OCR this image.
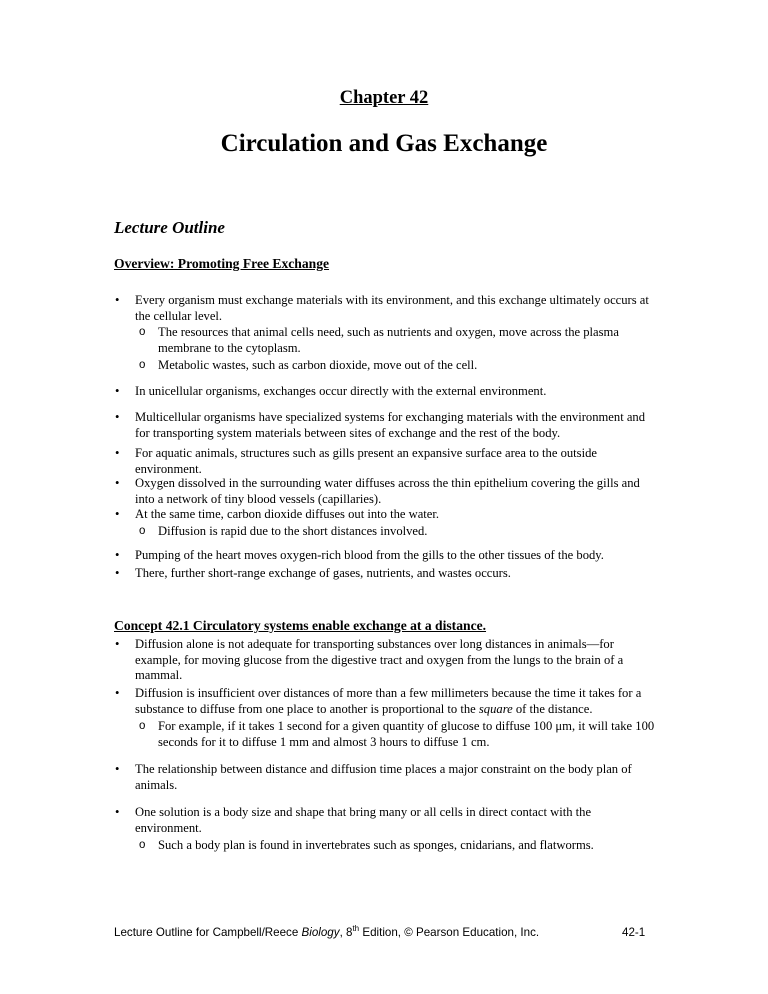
Chapter 42
Circulation and Gas Exchange
Lecture Outline
Overview: Promoting Free Exchange
• Every organism must exchange materials with its environment, and this exchange ultimately occurs at the cellular level.
o The resources that animal cells need, such as nutrients and oxygen, move across the plasma membrane to the cytoplasm.
o Metabolic wastes, such as carbon dioxide, move out of the cell.
• In unicellular organisms, exchanges occur directly with the external environment.
• Multicellular organisms have specialized systems for exchanging materials with the environment and for transporting system materials between sites of exchange and the rest of the body.
• For aquatic animals, structures such as gills present an expansive surface area to the outside environment.
• Oxygen dissolved in the surrounding water diffuses across the thin epithelium covering the gills and into a network of tiny blood vessels (capillaries).
• At the same time, carbon dioxide diffuses out into the water.
o Diffusion is rapid due to the short distances involved.
• Pumping of the heart moves oxygen-rich blood from the gills to the other tissues of the body.
• There, further short-range exchange of gases, nutrients, and wastes occurs.
Concept 42.1 Circulatory systems enable exchange at a distance.
• Diffusion alone is not adequate for transporting substances over long distances in animals—for example, for moving glucose from the digestive tract and oxygen from the lungs to the brain of a mammal.
• Diffusion is insufficient over distances of more than a few millimeters because the time it takes for a substance to diffuse from one place to another is proportional to the square of the distance.
o For example, if it takes 1 second for a given quantity of glucose to diffuse 100 μm, it will take 100 seconds for it to diffuse 1 mm and almost 3 hours to diffuse 1 cm.
• The relationship between distance and diffusion time places a major constraint on the body plan of animals.
• One solution is a body size and shape that bring many or all cells in direct contact with the environment.
o Such a body plan is found in invertebrates such as sponges, cnidarians, and flatworms.
Lecture Outline for Campbell/Reece Biology, 8th Edition, © Pearson Education, Inc.	42-1
